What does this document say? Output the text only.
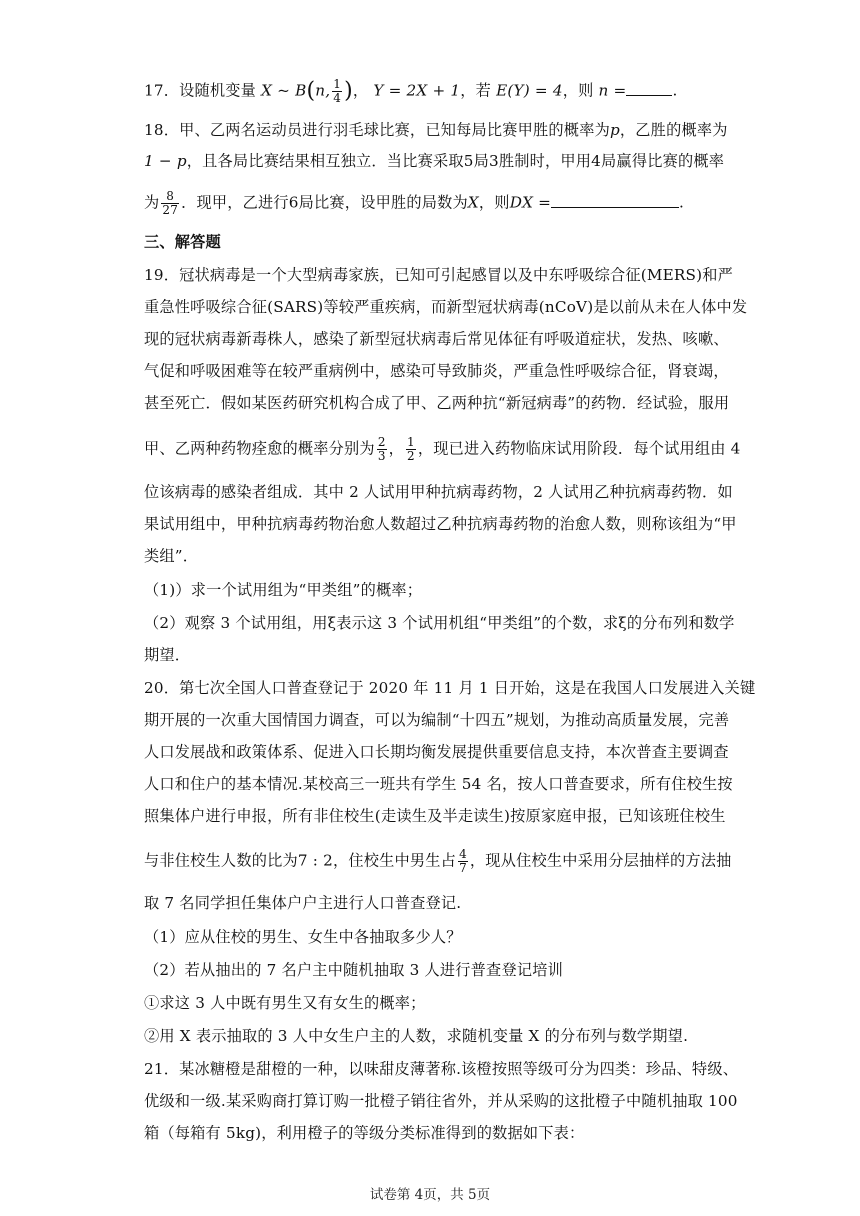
17．设随机变量 X ~ B(n, $\frac{1}{4}$ )， Y = 2X + 1，若 E(Y) = 4，则 n =	.
18．甲、乙两名运动员进行羽毛球比赛，已知每局比赛甲胜的概率为p，乙胜的概率为
1 − p，且各局比赛结果相互独立．当比赛采取5局3胜制时，甲用4局赢得比赛的概率
为 $\frac{8}{27}$ ．现甲，乙进行6局比赛，设甲胜的局数为X，则DX =	.
三、解答题
19．冠状病毒是一个大型病毒家族，已知可引起感冒以及中东呼吸综合征(MERS)和严
重急性呼吸综合征(SARS)等较严重疾病，而新型冠状病毒(nCoV)是以前从未在人体中发
现的冠状病毒新毒株人，感染了新型冠状病毒后常见体征有呼吸道症状，发热、咳嗽、
气促和呼吸困难等在较严重病例中，感染可导致肺炎，严重急性呼吸综合征，肾衰竭，
甚至死亡．假如某医药研究机构合成了甲、乙两种抗“新冠病毒”的药物．经试验，服用
甲、乙两种药物痊愈的概率分别为 $\frac{2}{3}$ ， $\frac{1}{2}$ ，现已进入药物临床试用阶段．每个试用组由 4
位该病毒的感染者组成．其中 2 人试用甲种抗病毒药物，2 人试用乙种抗病毒药物．如
果试用组中，甲种抗病毒药物治愈人数超过乙种抗病毒药物的治愈人数，则称该组为“甲
类组”．
（1)）求一个试用组为“甲类组”的概率；
（2）观察 3 个试用组，用ξ表示这 3 个试用机组“甲类组”的个数，求ξ的分布列和数学
期望．
20．第七次全国人口普查登记于 2020 年 11 月 1 日开始，这是在我国人口发展进入关键
期开展的一次重大国情国力调查，可以为编制“十四五”规划，为推动高质量发展，完善
人口发展战和政策体系、促进入口长期均衡发展提供重要信息支持，本次普查主要调查
人口和住户的基本情况.某校高三一班共有学生 54 名，按人口普查要求，所有住校生按
照集体户进行申报，所有非住校生(走读生及半走读生)按原家庭申报，已知该班住校生
与非住校生人数的比为7 : 2，住校生中男生占 $\frac{4}{7}$ ，现从住校生中采用分层抽样的方法抽
取 7 名同学担任集体户户主进行人口普查登记.
（1）应从住校的男生、女生中各抽取多少人？
（2）若从抽出的 7 名户主中随机抽取 3 人进行普查登记培训
①求这 3 人中既有男生又有女生的概率；
②用 X 表示抽取的 3 人中女生户主的人数，求随机变量 X 的分布列与数学期望.
21．某冰糖橙是甜橙的一种，以味甜皮薄著称.该橙按照等级可分为四类：珍品、特级、
优级和一级.某采购商打算订购一批橙子销往省外，并从采购的这批橙子中随机抽取 100
箱（每箱有 5kg)，利用橙子的等级分类标准得到的数据如下表：
试卷第 4页，共 5页
